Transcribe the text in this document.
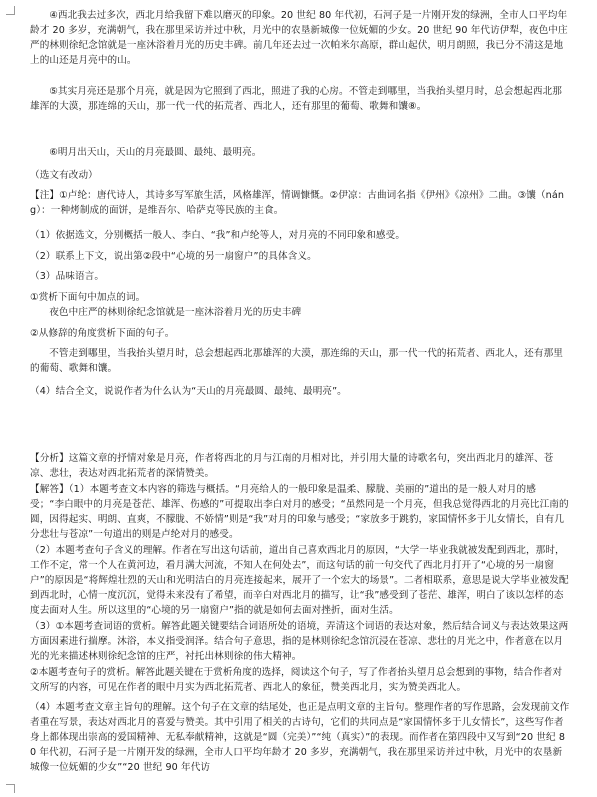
④西北我去过多次，西北月给我留下难以磨灭的印象。20 世纪 80 年代初，石河子是一片刚开发的绿洲，全市人口平均年龄才 20 多岁，充满朝气，我在那里采访并过中秋，月光中的农垦新城像一位妩媚的少女。20 世纪 90 年代访伊犁，夜色中庄严的林则徐纪念馆就是一座沐浴着月光的历史丰碑。前几年还去过一次帕米尔高原，群山起伏，明月朗照，我已分不清这是地上的山还是月亮中的山。

⑤其实月亮还是那个月亮，就是因为它照到了西北，照进了我的心房。不管走到哪里，当我抬头望月时，总会想起西北那雄浑的大漠，那连绵的天山，那一代一代的拓荒者、西北人，还有那里的葡萄、歌舞和馕⑧。

⑥明月出天山，天山的月亮最圆、最纯、最明亮。

（选文有改动）

【注】①卢纶：唐代诗人，其诗多写军旅生活，风格雄浑，情调慷慨。②伊凉：古曲词名指《伊州》《凉州》二曲。③馕（náng）：一种烤制成的面饼，是维吾尔、哈萨克等民族的主食。

（1）依据选文，分别概括一般人、李白、“我”和卢纶等人，对月亮的不同印象和感受。

（2）联系上下文，说出第②段中“心境的另一扇窗户”的具体含义。

（3）品味语言。

①赏析下面句中加点的词。

夜色中庄严的林则徐纪念馆就是一座沐浴着月光的历史丰碑

②从修辞的角度赏析下面的句子。

不管走到哪里，当我抬头望月时，总会想起西北那雄浑的大漠，那连绵的天山，那一代一代的拓荒者、西北人，还有那里的葡萄、歌舞和馕。

（4）结合全文，说说作者为什么认为“天山的月亮最圆、最纯、最明亮”。

【分析】这篇文章的抒情对象是月亮，作者将西北的月与江南的月相对比，并引用大量的诗歌名句，突出西北月的雄浑、苍凉、悲壮，表达对西北拓荒者的深情赞美。

【解答】（1）本题考查文本内容的筛选与概括。“月亮给人的一般印象是温柔、朦胧、美丽的”道出的是一般人对月的感受；“李白眼中的月亮是苍茫、雄浑、伤感的”可提取出李白对月的感受；“虽然同是一个月亮，但我总觉得西北的月亮比江南的圆，因得起实、明朗、直爽，不朦胧、不娇情”则是“我”对月的印象与感受；“家放多于跳豹，家国情怀多于儿女情长，自有几分悲壮与苍凉”一句道出的则是卢纶对月的感受。

（2）本题考查句子含义的理解。作者在写出这句话前，道出自己喜欢西北月的原因，“大学一毕业我就被发配到西北，那时，工作不定，常一个人在黄河边，看月满大河流，不知人在何处去”，而这句话的前一句交代了西北月打开了“心境的另一扇窗户”的原因是“将辉煌壮烈的天山和光明洁白的月亮连接起来，展开了一个宏大的场景”。二者相联系，意思是说大学毕业被发配到西北时，心情一度沉沉，觉得未来没有了希望，而辛白对西北月的描写，让“我”感受到了苍茫、雄浑，明白了该以怎样的态度去面对人生。所以这里的“心境的另一扇窗户”指的就是如何去面对挫折，面对生活。

（3）①本题考查词语的赏析。解答此题关键要结合词语所处的语境，弄清这个词语的表达对象，然后结合词义与表达效果这两方面因素进行揣摩。沐浴，本义指受润泽。结合句子意思，指的是林则徐纪念馆沉浸在苍凉、悲壮的月光之中，作者意在以月光的光来描述林则徐纪念馆的庄严，衬托出林则徐的伟大精神。

②本题考查句子的赏析。解答此题关键在于赏析角度的选择，阅读这个句子，写了作者抬头望月总会想到的事物，结合作者对文所写的内容，可见在作者的眼中月实为西北拓荒者、西北人的象征，赞美西北月，实为赞美西北人。

（4）本题考查文章主旨句的理解。这个句子在文章的结尾处，也正是点明文章的主旨句。整理作者的写作思路，会发现前文作者重在写景，表达对西北月的喜爱与赞美。其中引用了相关的古诗句，它们的共同点是“家国情怀多于儿女情长”，这些写作者身上都体现出崇高的爱国精神、无私奉献精神，这就是“圆（完美）”“纯（真实）”的表现。而作者在第四段中又写到“20 世纪 80 年代初，石河子是一片刚开发的绿洲，全市人口平均年龄才 20 多岁，充满朝气，我在那里采访并过中秋，月光中的农垦新城像一位妩媚的少女”“20 世纪 90 年代访
